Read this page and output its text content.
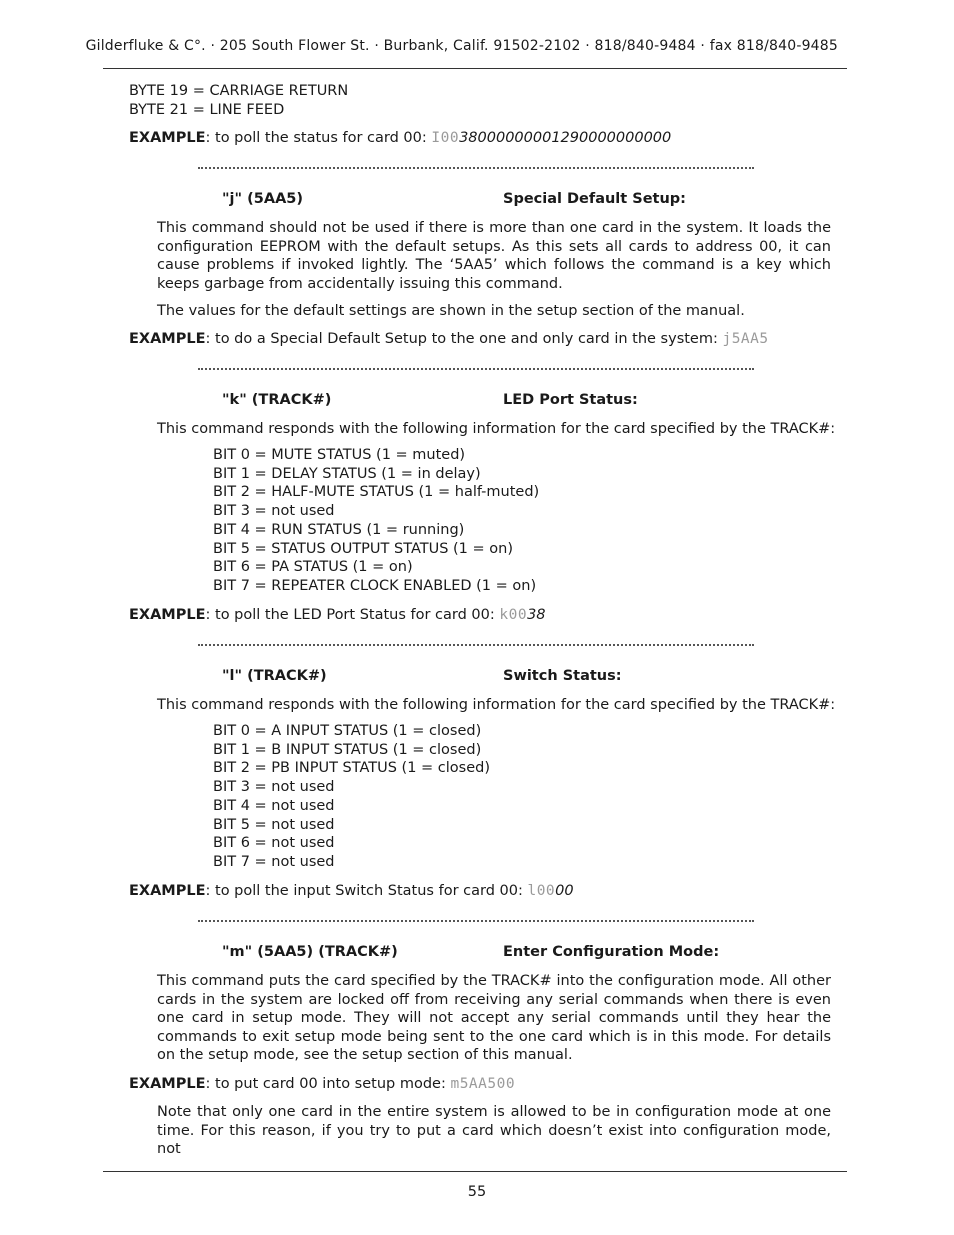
Gilderfluke & C°. · 205 South Flower St. · Burbank, Calif. 91502-2102 · 818/840-9484 · fax 818/840-9485
BYTE 19 = CARRIAGE RETURN
BYTE 21 = LINE FEED
EXAMPLE: to poll the status for card 00: I0038000000001290000000000
"j" (5AA5)	Special Default Setup:
This command should not be used if there is more than one card in the system. It loads the configuration EEPROM with the default setups. As this sets all cards to address 00, it can cause problems if invoked lightly. The ‘5AA5’ which follows the command is a key which keeps garbage from accidentally issuing this command.
The values for the default settings are shown in the setup section of the manual.
EXAMPLE: to do a Special Default Setup to the one and only card in the system: j5AA5
"k" (TRACK#)	LED Port Status:
This command responds with the following information for the card specified by the TRACK#:
BIT 0 = MUTE STATUS (1 = muted)
BIT 1 = DELAY STATUS (1 = in delay)
BIT 2 = HALF-MUTE STATUS (1 = half-muted)
BIT 3 = not used
BIT 4 = RUN STATUS (1 = running)
BIT 5 = STATUS OUTPUT STATUS (1 = on)
BIT 6 = PA STATUS (1 = on)
BIT 7 = REPEATER CLOCK ENABLED (1 = on)
EXAMPLE: to poll the LED Port Status for card 00: k0038
"l" (TRACK#)	Switch Status:
This command responds with the following information for the card specified by the TRACK#:
BIT 0 = A INPUT STATUS (1 = closed)
BIT 1 = B INPUT STATUS (1 = closed)
BIT 2 = PB INPUT STATUS (1 = closed)
BIT 3 = not used
BIT 4 = not used
BIT 5 = not used
BIT 6 = not used
BIT 7 = not used
EXAMPLE: to poll the input Switch Status for card 00: l0000
"m" (5AA5) (TRACK#)	Enter Configuration Mode:
This command puts the card specified by the TRACK# into the configuration mode. All other cards in the system are locked off from receiving any serial commands when there is even one card in setup mode. They will not accept any serial commands until they hear the commands to exit setup mode being sent to the one card which is in this mode. For details on the setup mode, see the setup section of this manual.
EXAMPLE: to put card 00 into setup mode: m5AA500
Note that only one card in the entire system is allowed to be in configuration mode at one time. For this reason, if you try to put a card which doesn’t exist into configuration mode, not
55
